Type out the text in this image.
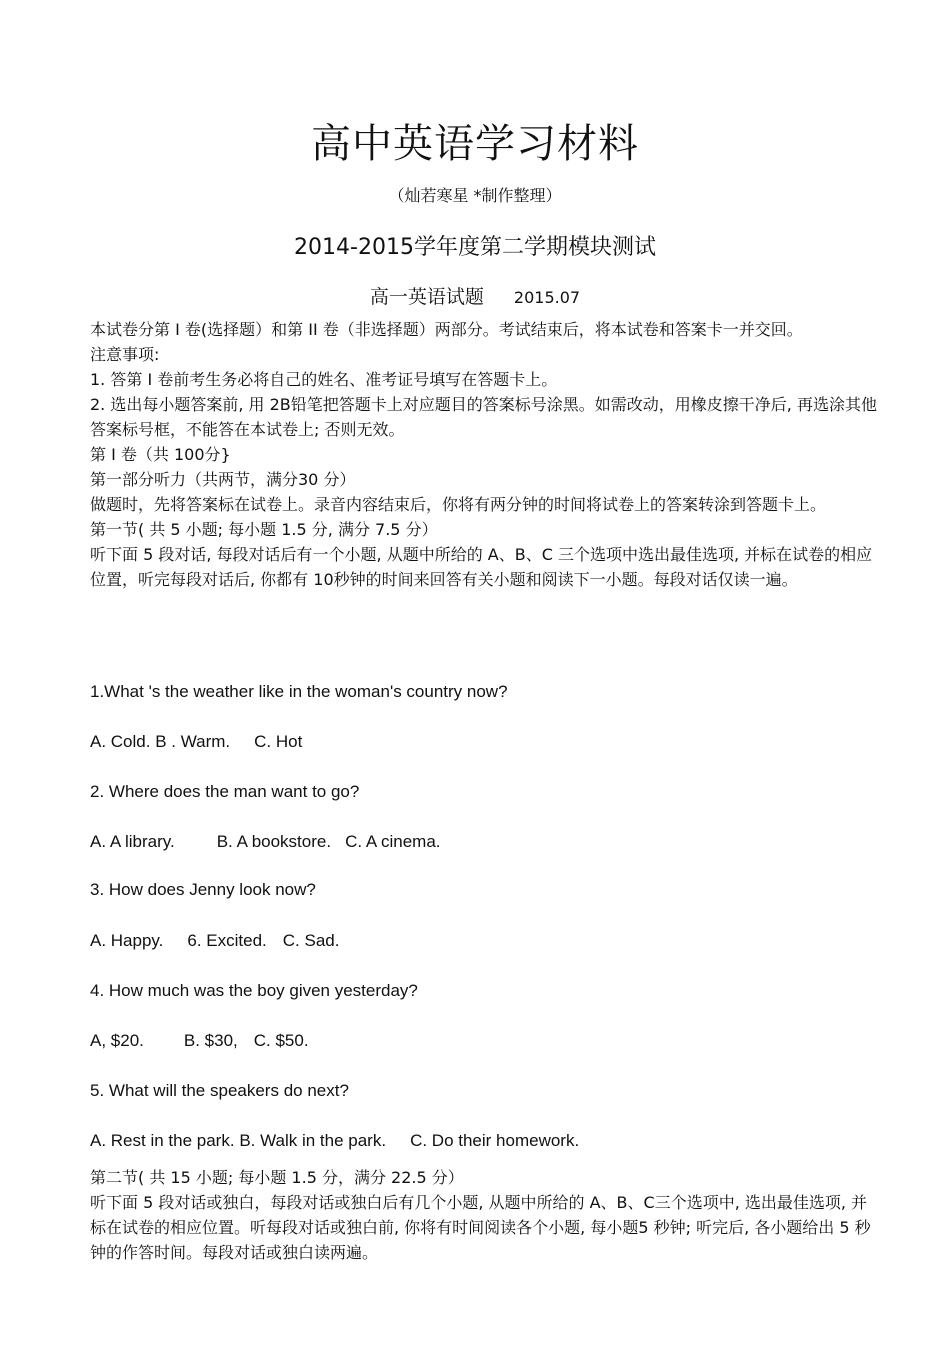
高中英语学习材料
（灿若寒星 *制作整理）
2014-2015学年度第二学期模块测试
高一英语试题 2015.07
本试卷分第 I 卷(选择题）和第 II 卷（非选择题）两部分。考试结束后，将本试卷和答案卡一并交回。
注意事项:
1. 答第 I 卷前考生务必将自己的姓名、准考证号填写在答题卡上。
2. 选出每小题答案前, 用 2B铅笔把答题卡上对应题目的答案标号涂黑。如需改动，用橡皮擦干净后, 再选涂其他答案标号框，不能答在本试卷上; 否则无效。
第 I 卷（共 100分}
第一部分听力（共两节，满分30 分）
做题时，先将答案标在试卷上。录音内容结束后，你将有两分钟的时间将试卷上的答案转涂到答题卡上。
第一节( 共 5 小题; 每小题 1.5 分, 满分 7.5 分）
听下面 5 段对话, 每段对话后有一个小题, 从题中所给的 A、B、C 三个选项中选出最佳选项, 并标在试卷的相应位置，听完每段对话后, 你都有 10秒钟的时间来回答有关小题和阅读下一小题。每段对话仅读一遍。
1.What 's the weather like in the woman's country now?
A. Cold. B . Warm. C. Hot
2. Where does the man want to go?
A. A library. B. A bookstore. C. A cinema.
3. How does Jenny look now?
A. Happy. 6. Excited. C. Sad.
4. How much was the boy given yesterday?
A, $20. B. $30, C. $50.
5. What will the speakers do next?
A. Rest in the park. B. Walk in the park. C. Do their homework.
第二节( 共 15 小题; 每小题 1.5 分，满分 22.5 分）
听下面 5 段对话或独白，每段对话或独白后有几个小题, 从题中所给的 A、B、C三个选项中, 选出最佳选项, 并标在试卷的相应位置。听每段对话或独白前, 你将有时间阅读各个小题, 每小题5 秒钟; 听完后, 各小题给出 5 秒钟的作答时间。每段对话或独白读两遍。
